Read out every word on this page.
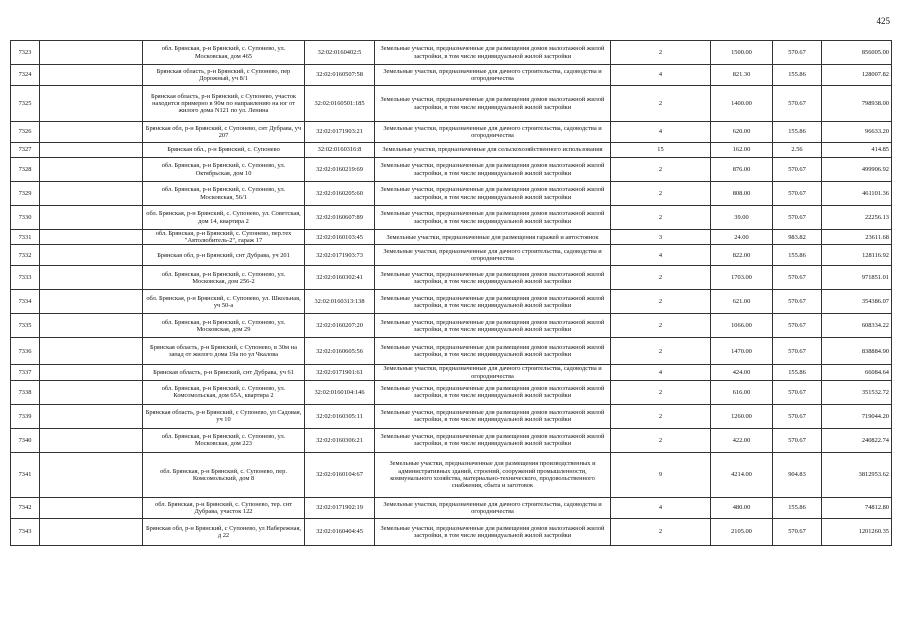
425
7323		обл. Брянская, р-н Брянский, с. Супонево, ул. Московская, дом 465	32:02:0160402:5	Земельные участки, предназначенные для размещения домов малоэтажной жилой застройки, в том числе индивидуальной жилой застройки	2	1500.00	570.67	856005.00
7324		Брянская область, р-н Брянский, с Супонево, пер Дорожный, уч 8/1	32:02:0160507:58	Земельные участки, предназначенные для дачного строительства, садоводства и огородничества	4	821.30	155.86	128007.82
7325		Брянская область, р-н Брянский, с Супонево, участок находится примерно в 90м по направлению на юг от жилого дома N121 по ул. Ленина	32:02:0160501:185	Земельные участки, предназначенные для размещения домов малоэтажной жилой застройки, в том числе индивидуальной жилой застройки	2	1400.00	570.67	798938.00
7326		Брянская обл, р-н Брянский, с Супонево, снт Дубрава, уч 207	32:02:0171903:21	Земельные участки, предназначенные для дачного строительства, садоводства и огородничества	4	620.00	155.86	96633.20
7327		Брянская обл., р-н Брянский, с. Супонево	32:02:0160316:8	Земельные участки, предназначенные для сельскохозяйственного использования	15	162.00	2.56	414.85
7328		обл. Брянская, р-н Брянский, с. Супонево, ул. Октябрьская, дом 10	32:02:0160219:69	Земельные участки, предназначенные для размещения домов малоэтажной жилой застройки, в том числе индивидуальной жилой застройки	2	876.00	570.67	499906.92
7329		обл. Брянская, р-н Брянский, с. Супонево, ул. Московская, 56/1	32:02:0160205:60	Земельные участки, предназначенные для размещения домов малоэтажной жилой застройки, в том числе индивидуальной жилой застройки	2	808.00	570.67	461101.36
7330		обл. Брянская, р-н Брянский, с. Супонево, ул. Советская, дом 14, квартира 2	32:02:0160607:89	Земельные участки, предназначенные для размещения домов малоэтажной жилой застройки, в том числе индивидуальной жилой застройки	2	39.00	570.67	22256.13
7331		обл. Брянская, р-н Брянский, с. Супонево, пер.тех "Автолюбитель-2", гараж 17	32:02:0160103:45	Земельные участки, предназначенные для размещения гаражей и автостоянок	3	24.00	983.82	23611.68
7332		Брянская обл, р-н Брянский, снт Дубрава, уч 201	32:02:0171903:73	Земельные участки, предназначенные для дачного строительства, садоводства и огородничества	4	822.00	155.86	128116.92
7333		обл. Брянская, р-н Брянский, с. Супонево, ул. Московская, дом 256-2	32:02:0160302:41	Земельные участки, предназначенные для размещения домов малоэтажной жилой застройки, в том числе индивидуальной жилой застройки	2	1703.00	570.67	971851.01
7334		обл. Брянская, р-н Брянский, с. Супонево, ул. Школьная, уч 50-а	32:02:0160313:138	Земельные участки, предназначенные для размещения домов малоэтажной жилой застройки, в том числе индивидуальной жилой застройки	2	621.00	570.67	354386.07
7335		обл. Брянская, р-н Брянский, с. Супонево, ул. Московская, дом 29	32:02:0160207:20	Земельные участки, предназначенные для размещения домов малоэтажной жилой застройки, в том числе индивидуальной жилой застройки	2	1066.00	570.67	608334.22
7336		Брянская область, р-н Брянский, с Супонево, в 30м на запад от жилого дома 19а по ул Чкалова	32:02:0160605:56	Земельные участки, предназначенные для размещения домов малоэтажной жилой застройки, в том числе индивидуальной жилой застройки	2	1470.00	570.67	838884.90
7337		Брянская область, р-н Брянский, снт Дубрава, уч 61	32:02:0171901:61	Земельные участки, предназначенные для дачного строительства, садоводства и огородничества	4	424.00	155.86	66084.64
7338		обл. Брянская, р-н Брянский, с. Супонево, ул. Комсомольская, дом 65А, квартира 2	32:02:0160104:146	Земельные участки, предназначенные для размещения домов малоэтажной жилой застройки, в том числе индивидуальной жилой застройки	2	616.00	570.67	351532.72
7339		Брянская область, р-н Брянский, с Супонево, ул Садовая, уч 10	32:02:0160305:11	Земельные участки, предназначенные для размещения домов малоэтажной жилой застройки, в том числе индивидуальной жилой застройки	2	1260.00	570.67	719044.20
7340		обл. Брянская, р-н Брянский, с. Супонево, ул. Московская, дом 223	32:02:0160306:21	Земельные участки, предназначенные для размещения домов малоэтажной жилой застройки, в том числе индивидуальной жилой застройки	2	422.00	570.67	240822.74
7341		обл. Брянская, р-н Брянский, с. Супонево, пер. Комсомольский, дом 8	32:02:0160104:67	Земельные участки, предназначенные для размещения производственных и административных зданий, строений, сооружений промышленности, коммунального хозяйства, материально-технического, продовольственного снабжения, сбыта и заготовок	9	4214.00	904.83	3812953.62
7342		обл. Брянская, р-н Брянский, с. Супонево, тер. снт Дубрава, участок 122	32:02:0171902:19	Земельные участки, предназначенные для дачного строительства, садоводства и огородничества	4	480.00	155.86	74812.80
7343		Брянская обл, р-н Брянский, с Супонево, ул Набережная, д 22	32:02:0160404:45	Земельные участки, предназначенные для размещения домов малоэтажной жилой застройки, в том числе индивидуальной жилой застройки	2	2105.00	570.67	1201260.35
